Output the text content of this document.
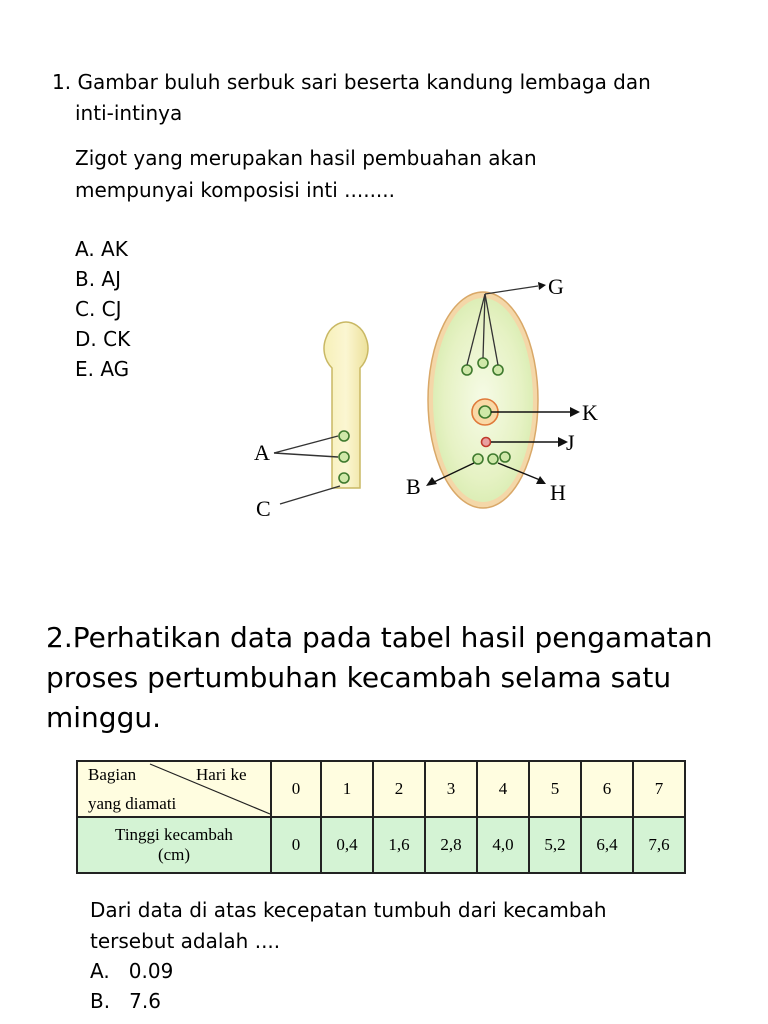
1. Gambar buluh serbuk sari beserta kandung lembaga dan
inti-intinya
Zigot yang merupakan hasil pembuahan akan
mempunyai komposisi inti ........
A. AK
B. AJ
C. CJ
D. CK
E. AG
A
C
B
G
K
J
H
2.Perhatikan data pada tabel hasil pengamatan
proses pertumbuhan kecambah selama satu
minggu.
Bagian Hari ke
yang diamati	0	1	2	3	4	5	6	7

Tinggi kecambah
(cm)	0	0,4	1,6	2,8	4,0	5,2	6,4	7,6
Dari data di atas kecepatan tumbuh dari kecambah
tersebut adalah ....
A.   0.09
B.   7.6
